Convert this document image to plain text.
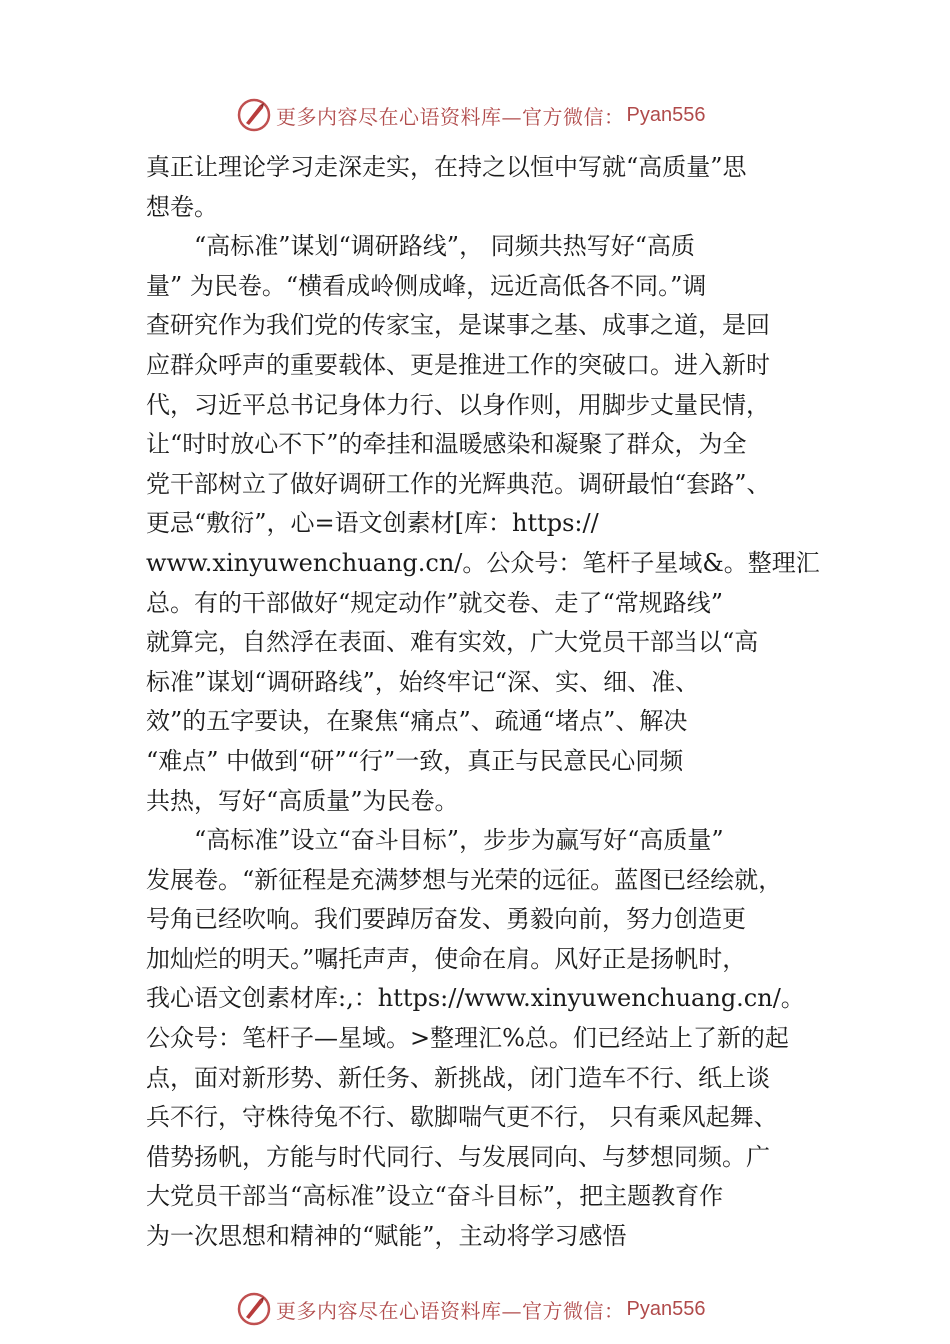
更多内容尽在心语资料库—官方微信： Pyan556
真正让理论学习走深走实，在持之以恒中写就“高质量”思
想卷。
“高标准”谋划“调研路线”， 同频共热写好“高质
量” 为民卷。“横看成岭侧成峰，远近高低各不同。”调
查研究作为我们党的传家宝，是谋事之基、成事之道，是回
应群众呼声的重要载体、更是推进工作的突破口。进入新时
代，习近平总书记身体力行、以身作则，用脚步丈量民情，
让“时时放心不下”的牵挂和温暖感染和凝聚了群众，为全
党干部树立了做好调研工作的光辉典范。调研最怕“套路”、
更忌“敷衍”，心=语文创素材[库：https://
www.xinyuwenchuang.cn/。公众号：笔杆子星域&。整理汇
总。有的干部做好“规定动作”就交卷、走了“常规路线”
就算完，自然浮在表面、难有实效，广大党员干部当以“高
标准”谋划“调研路线”，始终牢记“深、实、细、准、
效”的五字要诀，在聚焦“痛点”、疏通“堵点”、解决
“难点” 中做到“研”“行”一致，真正与民意民心同频
共热，写好“高质量”为民卷。
“高标准”设立“奋斗目标”，步步为赢写好“高质量”
发展卷。“新征程是充满梦想与光荣的远征。蓝图已经绘就，
号角已经吹响。我们要踔厉奋发、勇毅向前，努力创造更
加灿烂的明天。”嘱托声声，使命在肩。风好正是扬帆时，
我心语文创素材库:,：https://www.xinyuwenchuang.cn/。
公众号：笔杆子—星域。>整理汇%总。们已经站上了新的起
点，面对新形势、新任务、新挑战，闭门造车不行、纸上谈
兵不行，守株待兔不行、歇脚喘气更不行， 只有乘风起舞、
借势扬帆，方能与时代同行、与发展同向、与梦想同频。广
大党员干部当“高标准”设立“奋斗目标”，把主题教育作
为一次思想和精神的“赋能”，主动将学习感悟
更多内容尽在心语资料库—官方微信： Pyan556
